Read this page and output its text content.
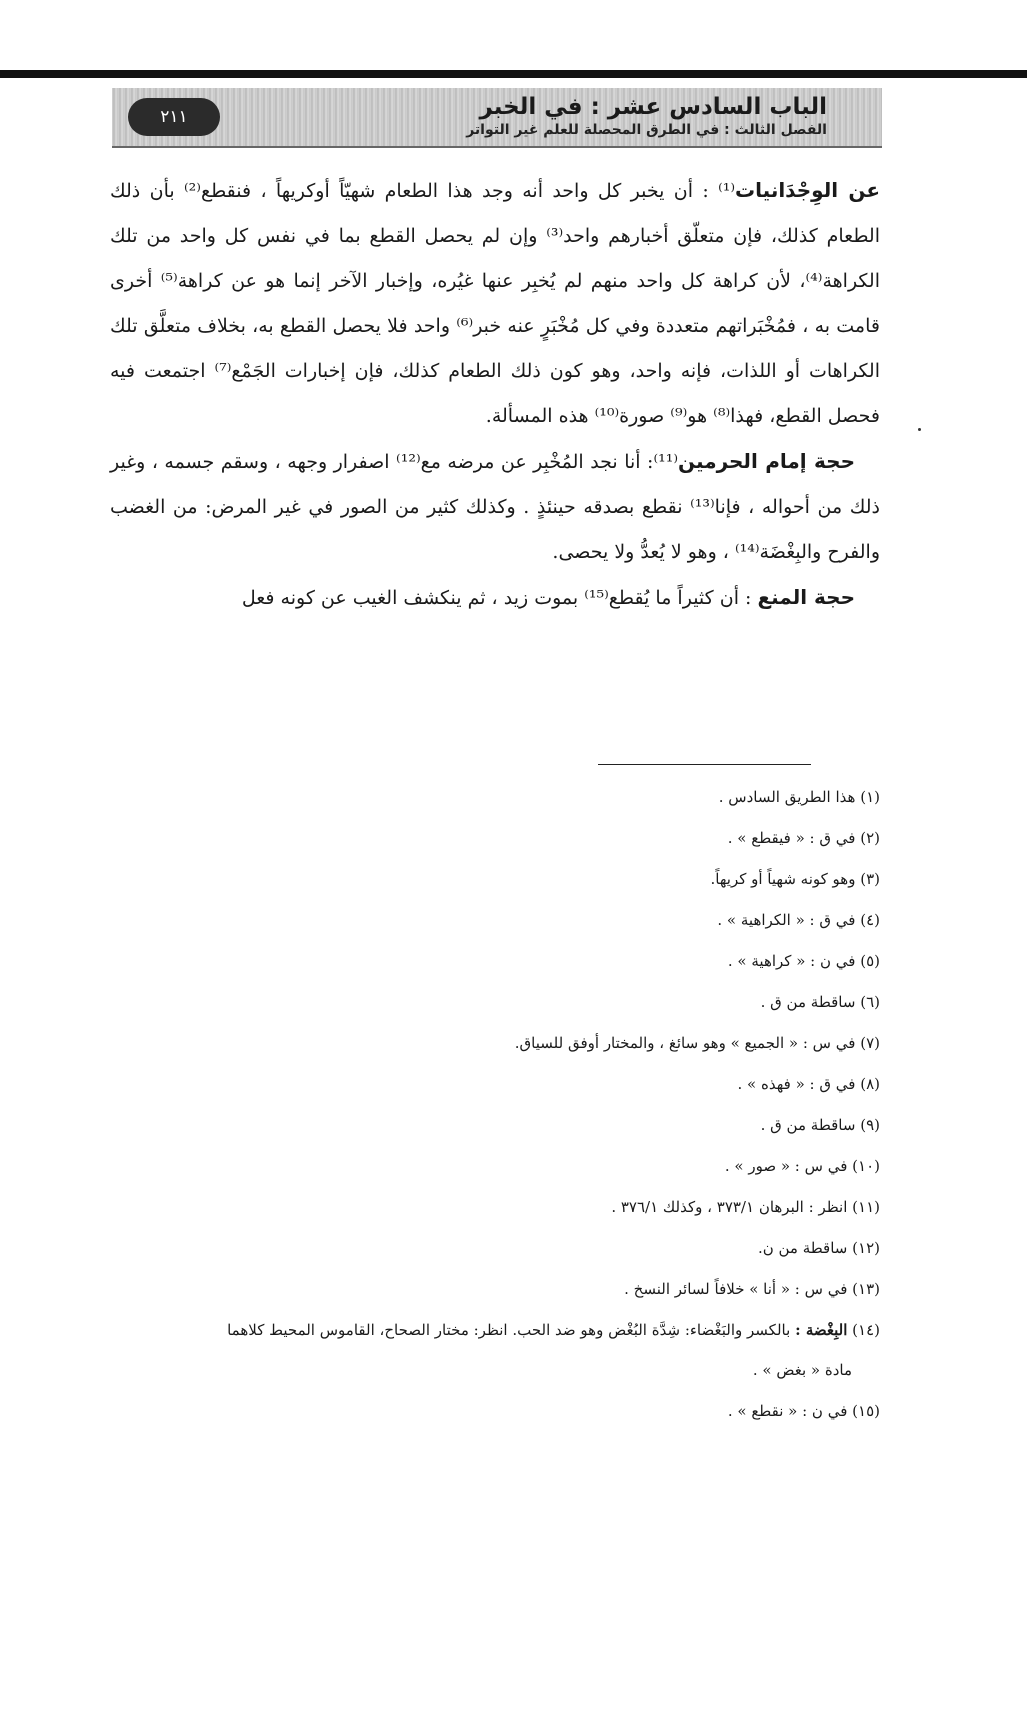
٢١١	الباب السادس عشر : في الخبر
الفصل الثالث : في الطرق المحصلة للعلم غير التواتر

عن الوِجْدَانيات⁽¹⁾ : أن يخبر كل واحد أنه وجد هذا الطعام شهيّاً أوكريهاً ، فنقطع⁽²⁾ بأن ذلك الطعام كذلك، فإن متعلّق أخبارهم واحد⁽³⁾ وإن لم يحصل القطع بما في نفس كل واحد من تلك الكراهة⁽⁴⁾، لأن كراهة كل واحد منهم لم يُخبِر عنها غيُره، وإخبار الآخر إنما هو عن كراهة⁽⁵⁾ أخرى قامت به ، فمُخْبَراتهم متعددة وفي كل مُخْبَرٍ عنه خبر⁽⁶⁾ واحد فلا يحصل القطع به، بخلاف متعلَّق تلك الكراهات أو اللذات، فإنه واحد، وهو كون ذلك الطعام كذلك، فإن إخبارات الجَمْع⁽⁷⁾ اجتمعت فيه فحصل القطع، فهذا⁽⁸⁾ هو⁽⁹⁾ صورة⁽¹⁰⁾ هذه المسألة.

حجة إمام الحرمين⁽¹¹⁾: أنا نجد المُخْبِر عن مرضه مع⁽¹²⁾ اصفرار وجهه ، وسقم جسمه ، وغير ذلك من أحواله ، فإنا⁽¹³⁾ نقطع بصدقه حينئذٍ . وكذلك كثير من الصور في غير المرض: من الغضب والفرح والبِغْضَة⁽¹⁴⁾ ، وهو لا يُعدُّ ولا يحصى.

حجة المنع : أن كثيراً ما يُقطع⁽¹⁵⁾ بموت زيد ، ثم ينكشف الغيب عن كونه فعل

(١) هذا الطريق السادس .
(٢) في ق : « فيقطع » .
(٣) وهو كونه شهياً أو كريهاً.
(٤) في ق : « الكراهية » .
(٥) في ن : « كراهية » .
(٦) ساقطة من ق .
(٧) في س : « الجميع » وهو سائغ ، والمختار أوفق للسياق.
(٨) في ق : « فهذه » .
(٩) ساقطة من ق .
(١٠) في س : « صور » .
(١١) انظر : البرهان ٣٧٣/١ ، وكذلك ٣٧٦/١ .
(١٢) ساقطة من ن.
(١٣) في س : « أنا » خلافاً لسائر النسخ .
(١٤) البِغْضة : بالكسر والبَغْضاء: شِدَّة البُغْض وهو ضد الحب. انظر: مختار الصحاح، القاموس المحيط كلاهما
مادة « بغض » .
(١٥) في ن : « نقطع » .
